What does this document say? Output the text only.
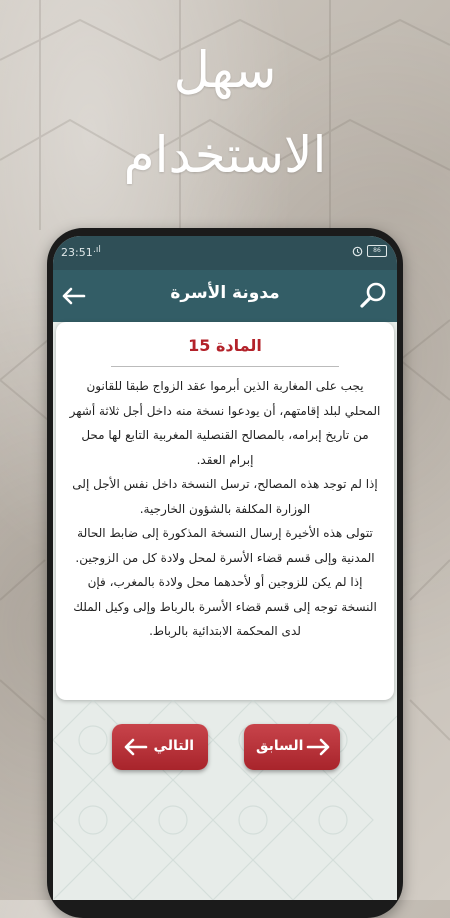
سهل
الاستخدام
23:51 .ıl	86
مدونة الأسرة
المادة 15

يجب على المغاربة الذين أبرموا عقد الزواج طبقا للقانون المحلي لبلد إقامتهم، أن يودعوا نسخة منه داخل أجل ثلاثة أشهر من تاريخ إبرامه، بالمصالح القنصلية المغربية التابع لها محل إبرام العقد.

إذا لم توجد هذه المصالح، ترسل النسخة داخل نفس الأجل إلى الوزارة المكلفة بالشؤون الخارجية.

تتولى هذه الأخيرة إرسال النسخة المذكورة إلى ضابط الحالة المدنية وإلى قسم قضاء الأسرة لمحل ولادة كل من الزوجين.

إذا لم يكن للزوجين أو لأحدهما محل ولادة بالمغرب، فإن النسخة توجه إلى قسم قضاء الأسرة بالرباط وإلى وكيل الملك لدى المحكمة الابتدائية بالرباط.

التالي	السابق
